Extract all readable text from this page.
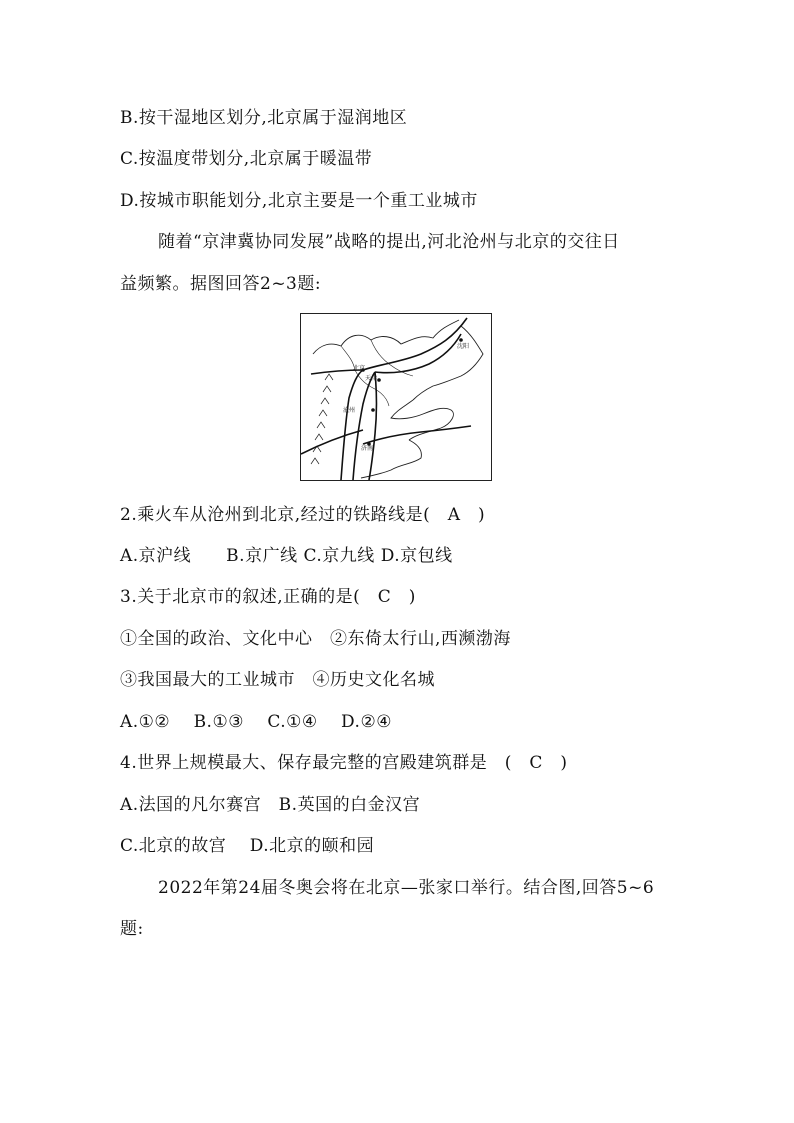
B.按干湿地区划分,北京属于湿润地区
C.按温度带划分,北京属于暖温带
D.按城市职能划分,北京主要是一个重工业城市
随着“京津冀协同发展”战略的提出,河北沧州与北京的交往日
益频繁。据图回答2~3题:
北京
天津
沧州
济南
沈阳
2.乘火车从沧州到北京,经过的铁路线是(　A　)
A.京沪线　　B.京广线 C.京九线 D.京包线
3.关于北京市的叙述,正确的是(　C　)
①全国的政治、文化中心　②东倚太行山,西濒渤海
③我国最大的工业城市　④历史文化名城
A.①②　 B.①③　 C.①④　 D.②④
4.世界上规模最大、保存最完整的宫殿建筑群是　(　C　)
A.法国的凡尔赛宫　B.英国的白金汉宫
C.北京的故宫　 D.北京的颐和园
2022年第24届冬奥会将在北京—张家口举行。结合图,回答5~6
题:
